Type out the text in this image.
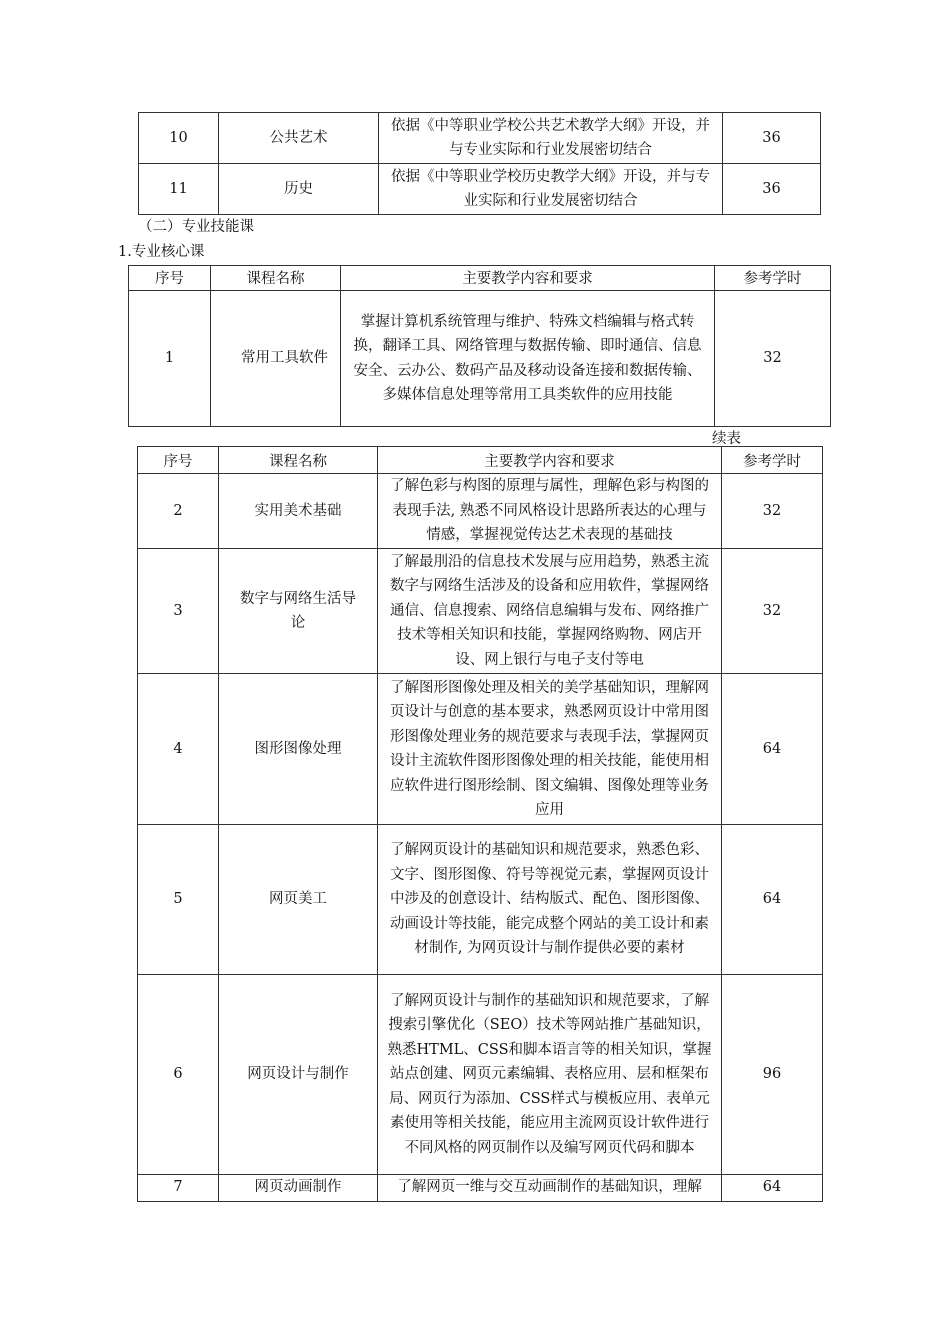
10	公共艺术	依据《中等职业学校公共艺术教学大纲》开设，并与专业实际和行业发展密切结合	36
11	历史	依据《中等职业学校历史教学大纲》开设，并与专业实际和行业发展密切结合	36
（二）专业技能课
1.专业核心课
序号	课程名称	主要教学内容和要求	参考学时
1	常用工具软件	掌握计算机系统管理与维护、特殊文档编辑与格式转换，翻译工具、网络管理与数据传输、即时通信、信息安全、云办公、数码产品及移动设备连接和数据传输、多媒体信息处理等常用工具类软件的应用技能	32
续表
序号	课程名称	主要教学内容和要求	参考学时
2	实用美术基础	了解色彩与构图的原理与属性，理解色彩与构图的表现手法, 熟悉不同风格设计思路所表达的心理与情感，掌握视觉传达艺术表现的基础技	32
3	数字与网络生活导论	了解最刖沿的信息技术发展与应用趋势，熟悉主流数字与网络生活涉及的设备和应用软件，掌握网络通信、信息搜索、网络信息编辑与发布、网络推广技术等相关知识和技能，掌握网络购物、网店开设、网上银行与电子支付等电	32
4	图形图像处理	了解图形图像处理及相关的美学基础知识，理解网页设计与创意的基本要求，熟悉网页设计中常用图形图像处理业务的规范要求与表现手法，掌握网页设计主流软件图形图像处理的相关技能，能使用相应软件进行图形绘制、图文编辑、图像处理等业务应用	64
5	网页美工	了解网页设计的基础知识和规范要求，熟悉色彩、文字、图形图像、符号等视觉元素，掌握网页设计中涉及的创意设计、结构版式、配色、图形图像、动画设计等技能，能完成整个网站的美工设计和素材制作, 为网页设计与制作提供必要的素材	64
6	网页设计与制作	了解网页设计与制作的基础知识和规范要求，了解搜索引擎优化（SEO）技术等网站推广基础知识，熟悉HTML、CSS和脚本语言等的相关知识，掌握站点创建、网页元素编辑、表格应用、层和框架布局、网页行为添加、CSS样式与模板应用、表单元素使用等相关技能，能应用主流网页设计软件进行不同风格的网页制作以及编写网页代码和脚本	96
7	网页动画制作	了解网页一维与交互动画制作的基础知识，理解	64
